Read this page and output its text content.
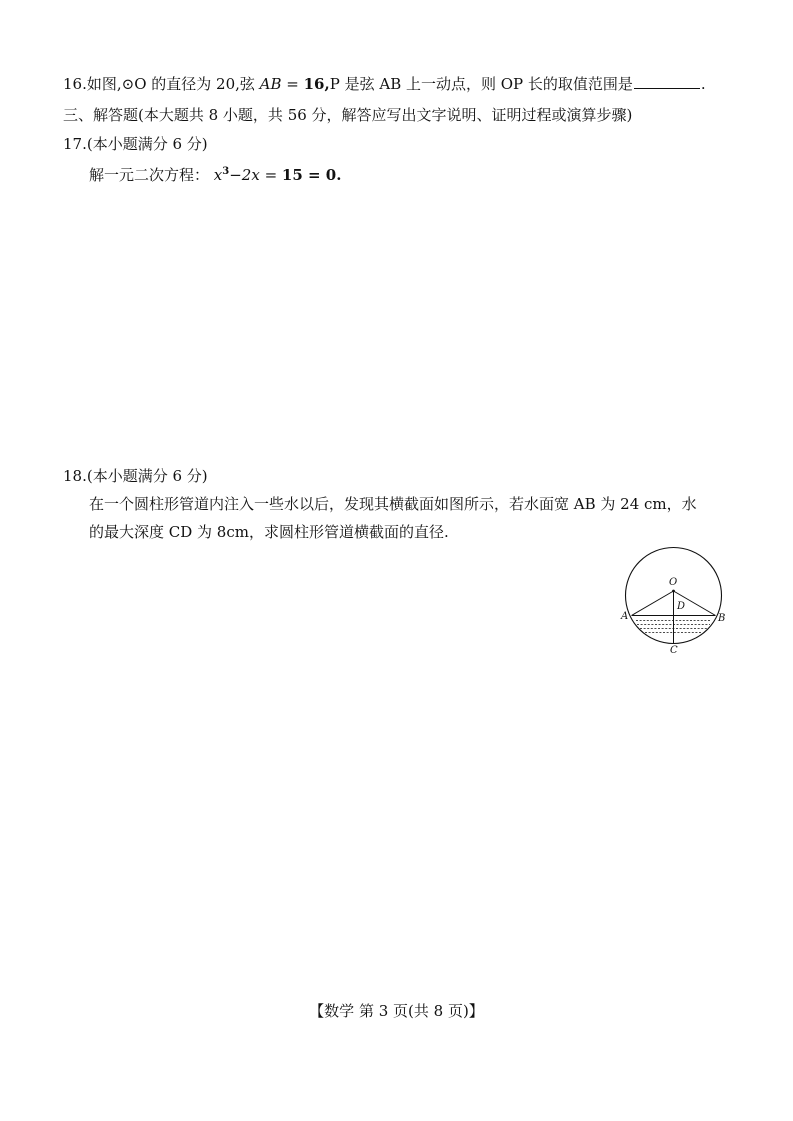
16.如图,⊙O 的直径为 20,弦 AB = 16,P 是弦 AB 上一动点，则 OP 长的取值范围是	.
三、解答题(本大题共 8 小题，共 56 分，解答应写出文字说明、证明过程或演算步骤)
17.(本小题满分 6 分)
解一元二次方程： $x^3-2x = 15 = 0$.
18.(本小题满分 6 分)
在一个圆柱形管道内注入一些水以后，发现其横截面如图所示，若水面宽 AB 为 24 cm，水
的最大深度 CD 为 8cm，求圆柱形管道横截面的直径.
O
D
A	B
C
【数学 第 3 页(共 8 页)】
